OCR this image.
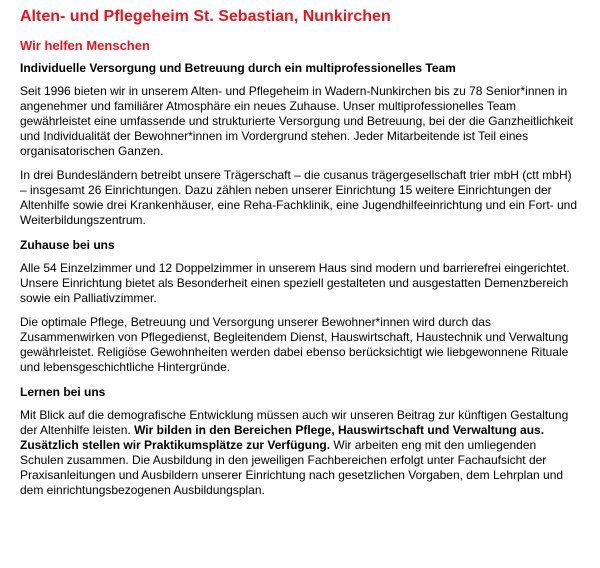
Alten- und Pflegeheim St. Sebastian, Nunkirchen
Wir helfen Menschen
Individuelle Versorgung und Betreuung durch ein multiprofessionelles Team

Seit 1996 bieten wir in unserem Alten- und Pflegeheim in Wadern-Nunkirchen bis zu 78 Senior*innen in angenehmer und familiärer Atmosphäre ein neues Zuhause. Unser multiprofessionelles Team gewährleistet eine umfassende und strukturierte Versorgung und Betreuung, bei der die Ganzheitlichkeit und Individualität der Bewohner*innen im Vordergrund stehen. Jeder Mitarbeitende ist Teil eines organisatorischen Ganzen.

In drei Bundesländern betreibt unsere Trägerschaft – die cusanus trägergesellschaft trier mbH (ctt mbH) – insgesamt 26 Einrichtungen. Dazu zählen neben unserer Einrichtung 15 weitere Einrichtungen der Altenhilfe sowie drei Krankenhäuser, eine Reha-Fachklinik, eine Jugendhilfeeinrichtung und ein Fort- und Weiterbildungszentrum.

Zuhause bei uns

Alle 54 Einzelzimmer und 12 Doppelzimmer in unserem Haus sind modern und barrierefrei eingerichtet. Unsere Einrichtung bietet als Besonderheit einen speziell gestalteten und ausgestatten Demenzbereich sowie ein Palliativzimmer.

Die optimale Pflege, Betreuung und Versorgung unserer Bewohner*innen wird durch das Zusammenwirken von Pflegedienst, Begleitendem Dienst, Hauswirtschaft, Haustechnik und Verwaltung gewährleistet. Religiöse Gewohnheiten werden dabei ebenso berücksichtigt wie liebgewonnene Rituale und lebensgeschichtliche Hintergründe.

Lernen bei uns

Mit Blick auf die demografische Entwicklung müssen auch wir unseren Beitrag zur künftigen Gestaltung der Altenhilfe leisten. Wir bilden in den Bereichen Pflege, Hauswirtschaft und Verwaltung aus. Zusätzlich stellen wir Praktikumsplätze zur Verfügung. Wir arbeiten eng mit den umliegenden Schulen zusammen. Die Ausbildung in den jeweiligen Fachbereichen erfolgt unter Fachaufsicht der Praxisanleitungen und Ausbildern unserer Einrichtung nach gesetzlichen Vorgaben, dem Lehrplan und dem einrichtungsbezogenen Ausbildungsplan.
